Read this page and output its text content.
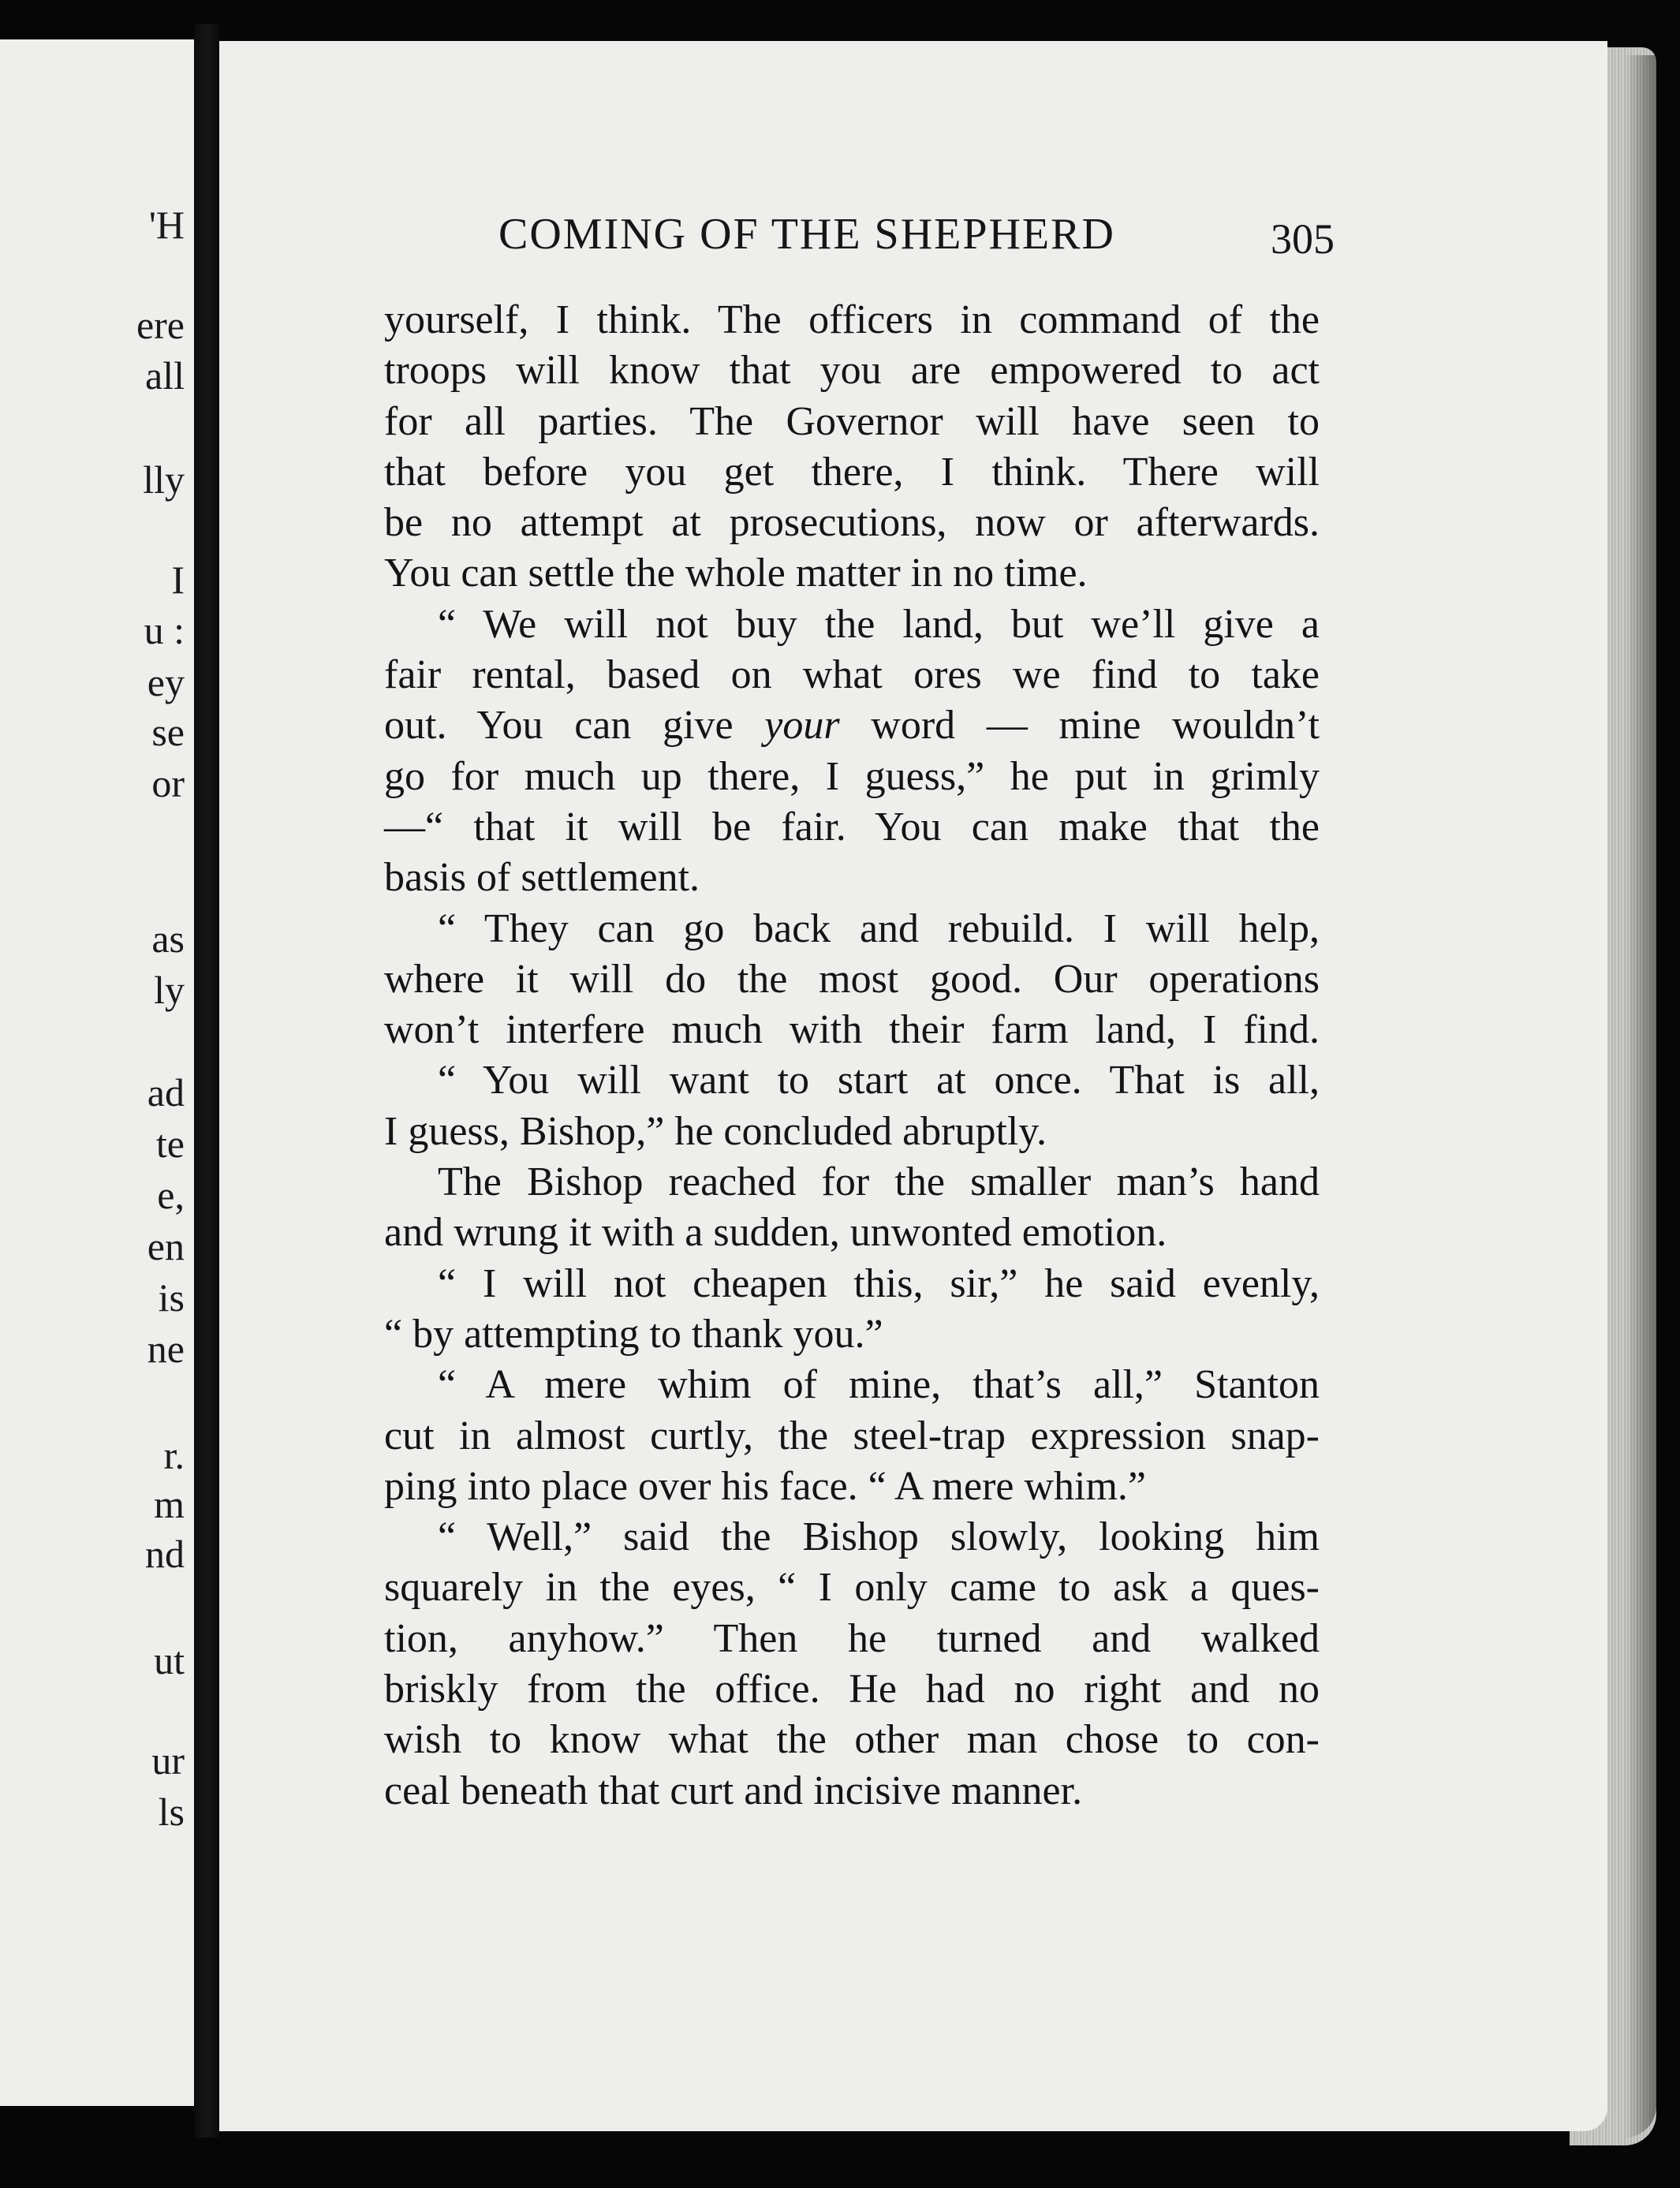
'H
ere
all
lly
I
u :
ey
se
or
as
ly
ad
te
e,
en
is
ne
r.
m
nd
ut
ur
ls
COMING OF THE SHEPHERD	305
yourself, I think. The officers in command of the
troops will know that you are empowered to act
for all parties. The Governor will have seen to
that before you get there, I think. There will
be no attempt at prosecutions, now or afterwards.
You can settle the whole matter in no time.
“ We will not buy the land, but we’ll give a
fair rental, based on what ores we find to take
out. You can give your word — mine wouldn’t
go for much up there, I guess,” he put in grimly
—“ that it will be fair. You can make that the
basis of settlement.
“ They can go back and rebuild. I will help,
where it will do the most good. Our operations
won’t interfere much with their farm land, I find.
“ You will want to start at once. That is all,
I guess, Bishop,” he concluded abruptly.
The Bishop reached for the smaller man’s hand
and wrung it with a sudden, unwonted emotion.
“ I will not cheapen this, sir,” he said evenly,
“ by attempting to thank you.”
“ A mere whim of mine, that’s all,” Stanton
cut in almost curtly, the steel-trap expression snap-
ping into place over his face. “ A mere whim.”
“ Well,” said the Bishop slowly, looking him
squarely in the eyes, “ I only came to ask a ques-
tion, anyhow.” Then he turned and walked
briskly from the office. He had no right and no
wish to know what the other man chose to con-
ceal beneath that curt and incisive manner.
